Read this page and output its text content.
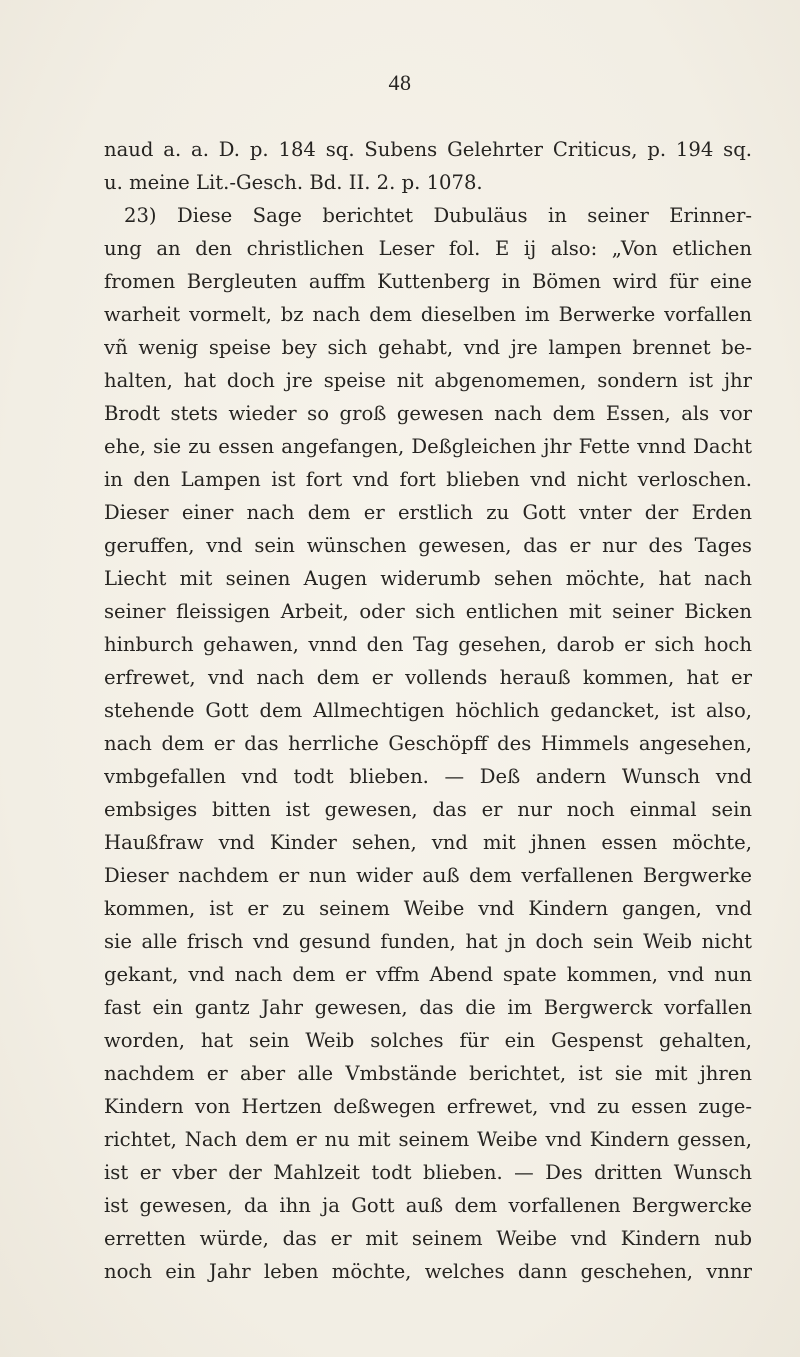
48
naud a. a. D. p. 184 sq. Subens Gelehrter Criticus, p. 194 sq.
u. meine Lit.-Gesch. Bd. II. 2. p. 1078.
23) Diese Sage berichtet Dubuläus in seiner Erinner-
ung an den christlichen Leser fol. E ij also: „Von etlichen
fromen Bergleuten auffm Kuttenberg in Bömen wird für eine
warheit vormelt, bz nach dem dieselben im Berwerke vorfallen
vñ wenig speise bey sich gehabt, vnd jre lampen brennet be-
halten, hat doch jre speise nit abgenomemen, sondern ist jhr
Brodt stets wieder so groß gewesen nach dem Essen, als vor
ehe, sie zu essen angefangen, Deßgleichen jhr Fette vnnd Dacht
in den Lampen ist fort vnd fort blieben vnd nicht verloschen.
Dieser einer nach dem er erstlich zu Gott vnter der Erden
geruffen, vnd sein wünschen gewesen, das er nur des Tages
Liecht mit seinen Augen widerumb sehen möchte, hat nach
seiner fleissigen Arbeit, oder sich entlichen mit seiner Bicken
hinburch gehawen, vnnd den Tag gesehen, darob er sich hoch
erfrewet, vnd nach dem er vollends herauß kommen, hat er
stehende Gott dem Allmechtigen höchlich gedancket, ist also,
nach dem er das herrliche Geschöpff des Himmels angesehen,
vmbgefallen vnd todt blieben. — Deß andern Wunsch vnd
embsiges bitten ist gewesen, das er nur noch einmal sein
Haußfraw vnd Kinder sehen, vnd mit jhnen essen möchte,
Dieser nachdem er nun wider auß dem verfallenen Bergwerke
kommen, ist er zu seinem Weibe vnd Kindern gangen, vnd
sie alle frisch vnd gesund funden, hat jn doch sein Weib nicht
gekant, vnd nach dem er vffm Abend spate kommen, vnd nun
fast ein gantz Jahr gewesen, das die im Bergwerck vorfallen
worden, hat sein Weib solches für ein Gespenst gehalten,
nachdem er aber alle Vmbstände berichtet, ist sie mit jhren
Kindern von Hertzen deßwegen erfrewet, vnd zu essen zuge-
richtet, Nach dem er nu mit seinem Weibe vnd Kindern gessen,
ist er vber der Mahlzeit todt blieben. — Des dritten Wunsch
ist gewesen, da ihn ja Gott auß dem vorfallenen Bergwercke
erretten würde, das er mit seinem Weibe vnd Kindern nub
noch ein Jahr leben möchte, welches dann geschehen, vnnr
